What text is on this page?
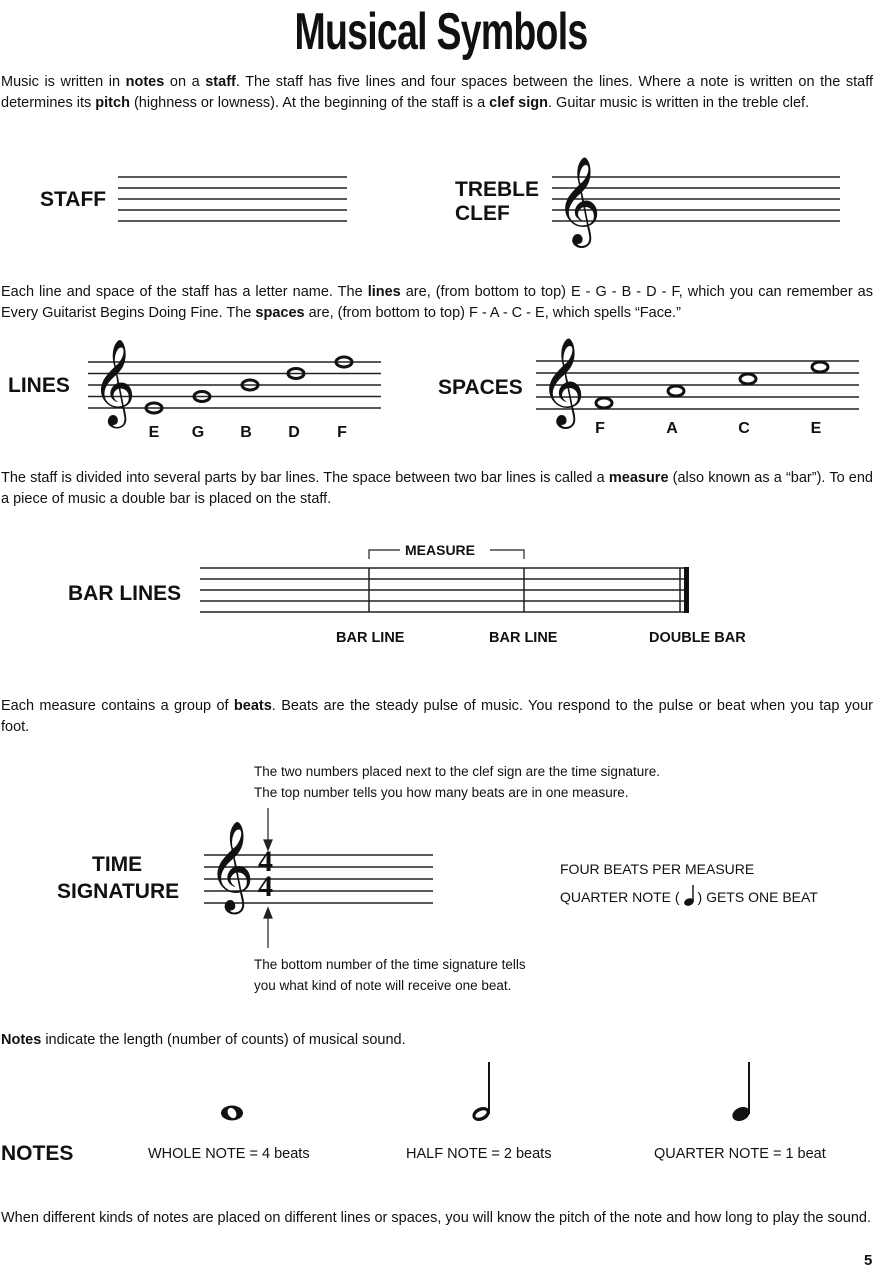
Musical Symbols
Music is written in notes on a staff. The staff has five lines and four spaces between the lines. Where a note is written on the staff determines its pitch (highness or lowness). At the beginning of the staff is a clef sign. Guitar music is written in the treble clef.
STAFF	TREBLE
CLEF 𝄞
Each line and space of the staff has a letter name. The lines are, (from bottom to top) E - G - B - D - F, which you can remember as Every Guitarist Begins Doing Fine. The spaces are, (from bottom to top) F - A - C - E, which spells “Face.”
LINES 𝄞
E G B D	F
SPACES 𝄞
F	A	C	E
The staff is divided into several parts by bar lines. The space between two bar lines is called a measure (also known as a “bar”). To end a piece of music a double bar is placed on the staff.
BAR LINES
MEASURE
BAR LINE	BAR LINE	DOUBLE BAR
Each measure contains a group of beats. Beats are the steady pulse of music. You respond to the pulse or beat when you tap your foot.
The two numbers placed next to the clef sign are the time signature.
The top number tells you how many beats are in one measure.
TIME
SIGNATURE 𝄞 4
4
The bottom number of the time signature tells
you what kind of note will receive one beat.
FOUR BEATS PER MEASURE
QUARTER NOTE ( ) GETS ONE BEAT
Notes indicate the length (number of counts) of musical sound.
NOTES	WHOLE NOTE = 4 beats	HALF NOTE = 2 beats	QUARTER NOTE = 1 beat
When different kinds of notes are placed on different lines or spaces, you will know the pitch of the note and how long to play the sound.
5
